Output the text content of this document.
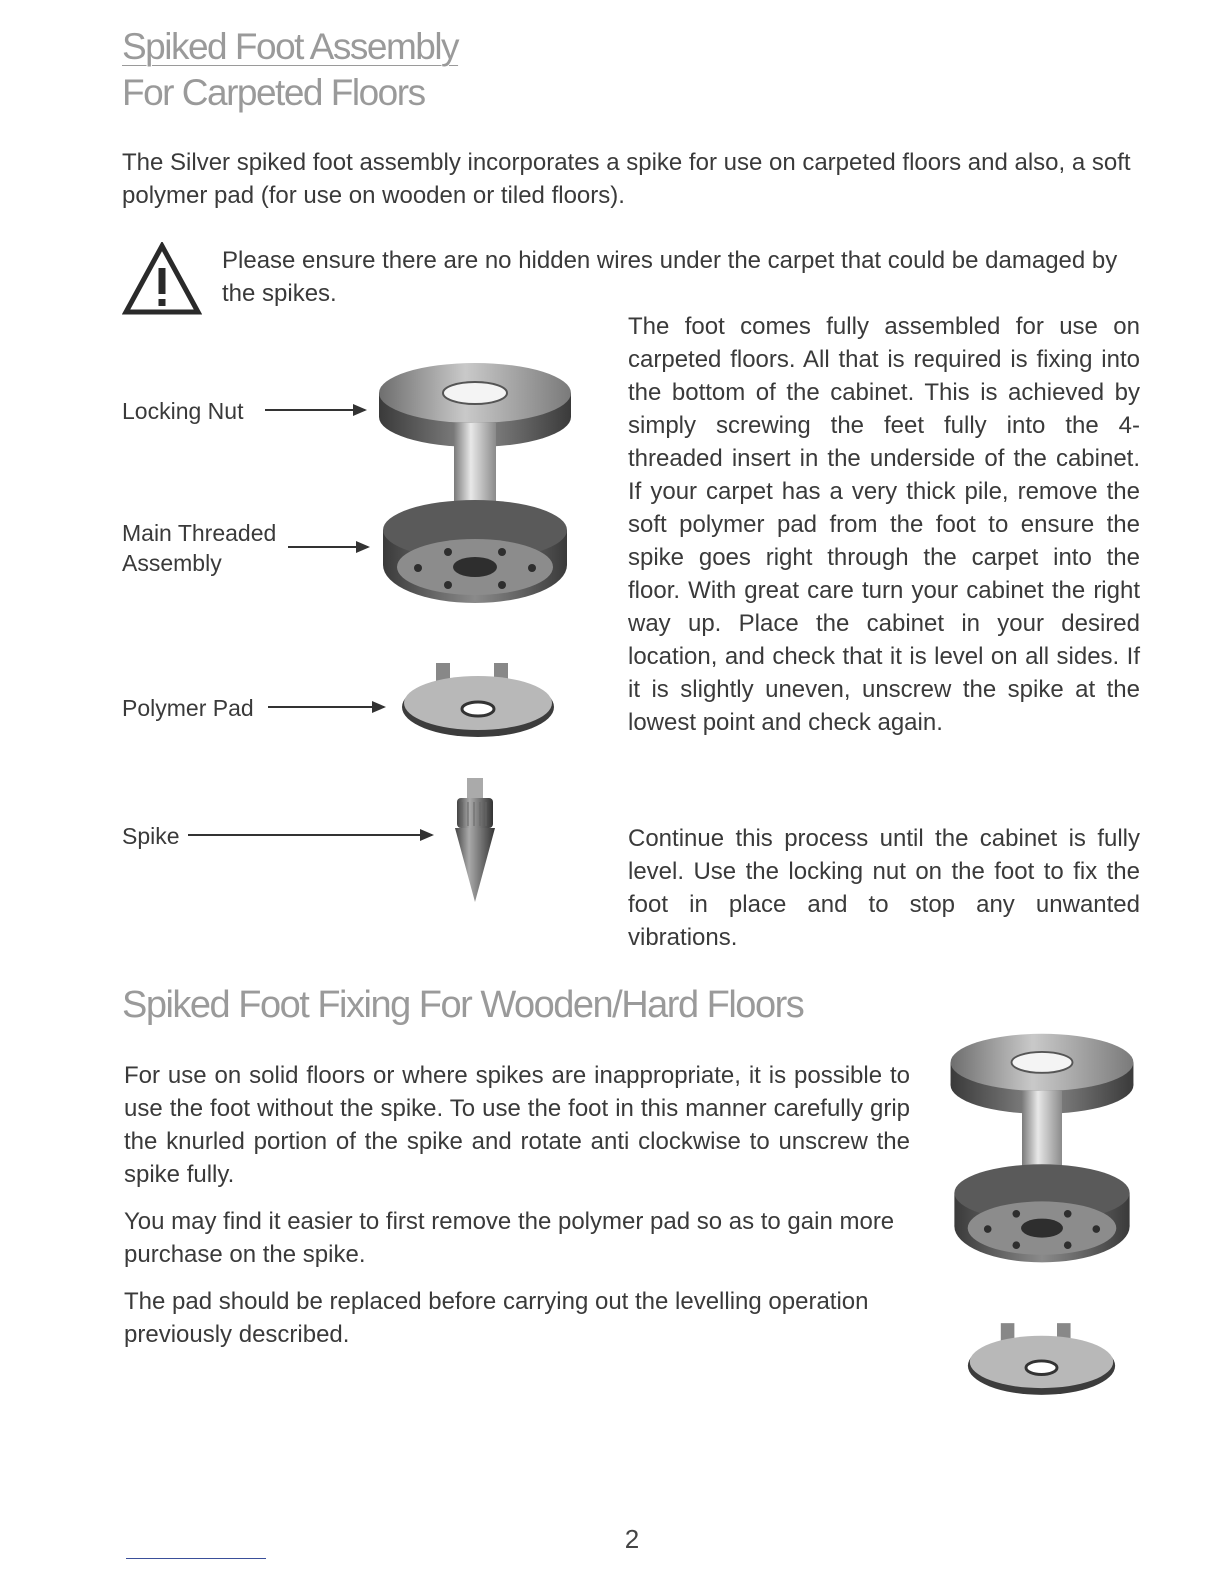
Spiked Foot Assembly
For Carpeted Floors

The Silver spiked foot assembly incorporates a spike for use on carpeted floors and also, a soft polymer pad (for use on wooden or tiled floors).

Please ensure there are no hidden wires under the carpet that could be damaged by the spikes.

The foot comes fully assembled for use on carpeted floors. All that is required is fixing into the bottom of the cabinet. This is achieved by simply screwing the feet fully into the 4-threaded insert in the underside of the cabinet. If your carpet has a very thick pile, remove the soft polymer pad from the foot to ensure the spike goes right through the carpet into the floor. With great care turn your cabinet the right way up. Place the cabinet in your desired location, and check that it is level on all sides. If it is slightly uneven, unscrew the spike at the lowest point and check again.

Continue this process until the cabinet is fully level. Use the locking nut on the foot to fix the foot in place and to stop any unwanted vibrations.

Locking Nut
Main Threaded
Assembly
Polymer Pad
Spike
Spiked Foot Fixing For Wooden/Hard Floors

For use on solid floors or where spikes are inappropriate, it is possible to use the foot without the spike. To use the foot in this manner carefully grip the knurled portion of the spike and rotate anti clockwise to unscrew the spike fully.

You may find it easier to first remove the polymer pad so as to gain more purchase on the spike.

The pad should be replaced before carrying out the levelling operation previously described.

2
